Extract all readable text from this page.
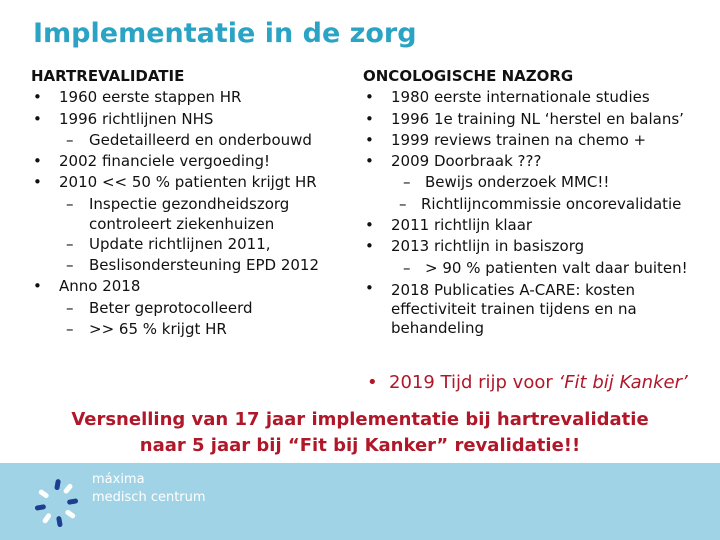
Implementatie in de zorg
HARTREVALIDATIE
• 1960 eerste stappen HR
• 1996 richtlijnen NHS
– Gedetailleerd en onderbouwd
• 2002 financiele vergoeding!
• 2010 << 50 % patienten krijgt HR
– Inspectie gezondheidszorg controleert ziekenhuizen
– Update richtlijnen 2011,
– Beslisondersteuning EPD 2012
• Anno 2018
– Beter geprotocolleerd
– >> 65 % krijgt HR
ONCOLOGISCHE NAZORG
• 1980 eerste internationale studies
• 1996 1e training NL ‘herstel en balans’
• 1999 reviews trainen na chemo +
• 2009 Doorbraak ???
– Bewijs onderzoek MMC!!
– Richtlijncommissie oncorevalidatie
• 2011 richtlijn klaar
• 2013 richtlijn in basiszorg
– > 90 % patienten valt daar buiten!
• 2018 Publicaties A-CARE: kosten effectiviteit trainen tijdens en na behandeling
• 2019 Tijd rijp voor ‘Fit bij Kanker’
Versnelling van 17 jaar implementatie bij hartrevalidatie
naar 5 jaar bij “Fit bij Kanker” revalidatie!!
máxima
medisch centrum
